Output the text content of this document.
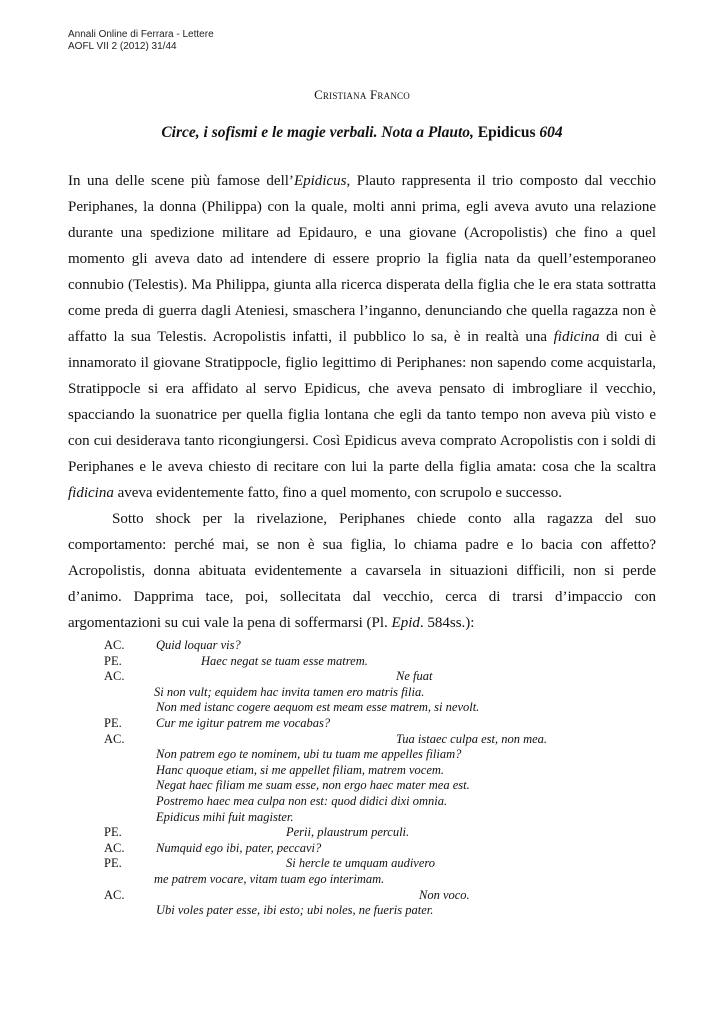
Annali Online di Ferrara - Lettere
AOFL VII 2 (2012) 31/44
Cristiana Franco
Circe, i sofismi e le magie verbali. Nota a Plauto, Epidicus 604

In una delle scene più famose dell’Epidicus, Plauto rappresenta il trio composto dal vecchio Periphanes, la donna (Philippa) con la quale, molti anni prima, egli aveva avuto una relazione durante una spedizione militare ad Epidauro, e una giovane (Acropolistis) che fino a quel momento gli aveva dato ad intendere di essere proprio la figlia nata da quell’estemporaneo connubio (Telestis). Ma Philippa, giunta alla ricerca disperata della figlia che le era stata sottratta come preda di guerra dagli Ateniesi, smaschera l’inganno, denunciando che quella ragazza non è affatto la sua Telestis. Acropolistis infatti, il pubblico lo sa, è in realtà una fidicina di cui è innamorato il giovane Stratippocle, figlio legittimo di Periphanes: non sapendo come acquistarla, Stratippocle si era affidato al servo Epidicus, che aveva pensato di imbrogliare il vecchio, spacciando la suonatrice per quella figlia lontana che egli da tanto tempo non aveva più visto e con cui desiderava tanto ricongiungersi. Così Epidicus aveva comprato Acropolistis con i soldi di Periphanes e le aveva chiesto di recitare con lui la parte della figlia amata: cosa che la scaltra fidicina aveva evidentemente fatto, fino a quel momento, con scrupolo e successo.

Sotto shock per la rivelazione, Periphanes chiede conto alla ragazza del suo comportamento: perché mai, se non è sua figlia, lo chiama padre e lo bacia con affetto? Acropolistis, donna abituata evidentemente a cavarsela in situazioni difficili, non si perde d’animo. Dapprima tace, poi, sollecitata dal vecchio, cerca di trarsi d’impaccio con argomentazioni su cui vale la pena di soffermarsi (Pl. Epid. 584ss.):

AC.	Quid loquar vis?
PE.	Haec negat se tuam esse matrem.
AC.	Ne fuat
Si non vult; equidem hac invita tamen ero matris filia.
Non med istanc cogere aequom est meam esse matrem, si nevolt.
PE.	Cur me igitur patrem me vocabas?
AC.	Tua istaec culpa est, non mea.
Non patrem ego te nominem, ubi tu tuam me appelles filiam?
Hanc quoque etiam, si me appellet filiam, matrem vocem.
Negat haec filiam me suam esse, non ergo haec mater mea est.
Postremo haec mea culpa non est: quod didici dixi omnia.
Epidicus mihi fuit magister.
PE.	Perii, plaustrum perculi.
AC.	Numquid ego ibi, pater, peccavi?
PE.	Si hercle te umquam audivero
me patrem vocare, vitam tuam ego interimam.
AC.	Non voco.
Ubi voles pater esse, ibi esto; ubi noles, ne fueris pater.
